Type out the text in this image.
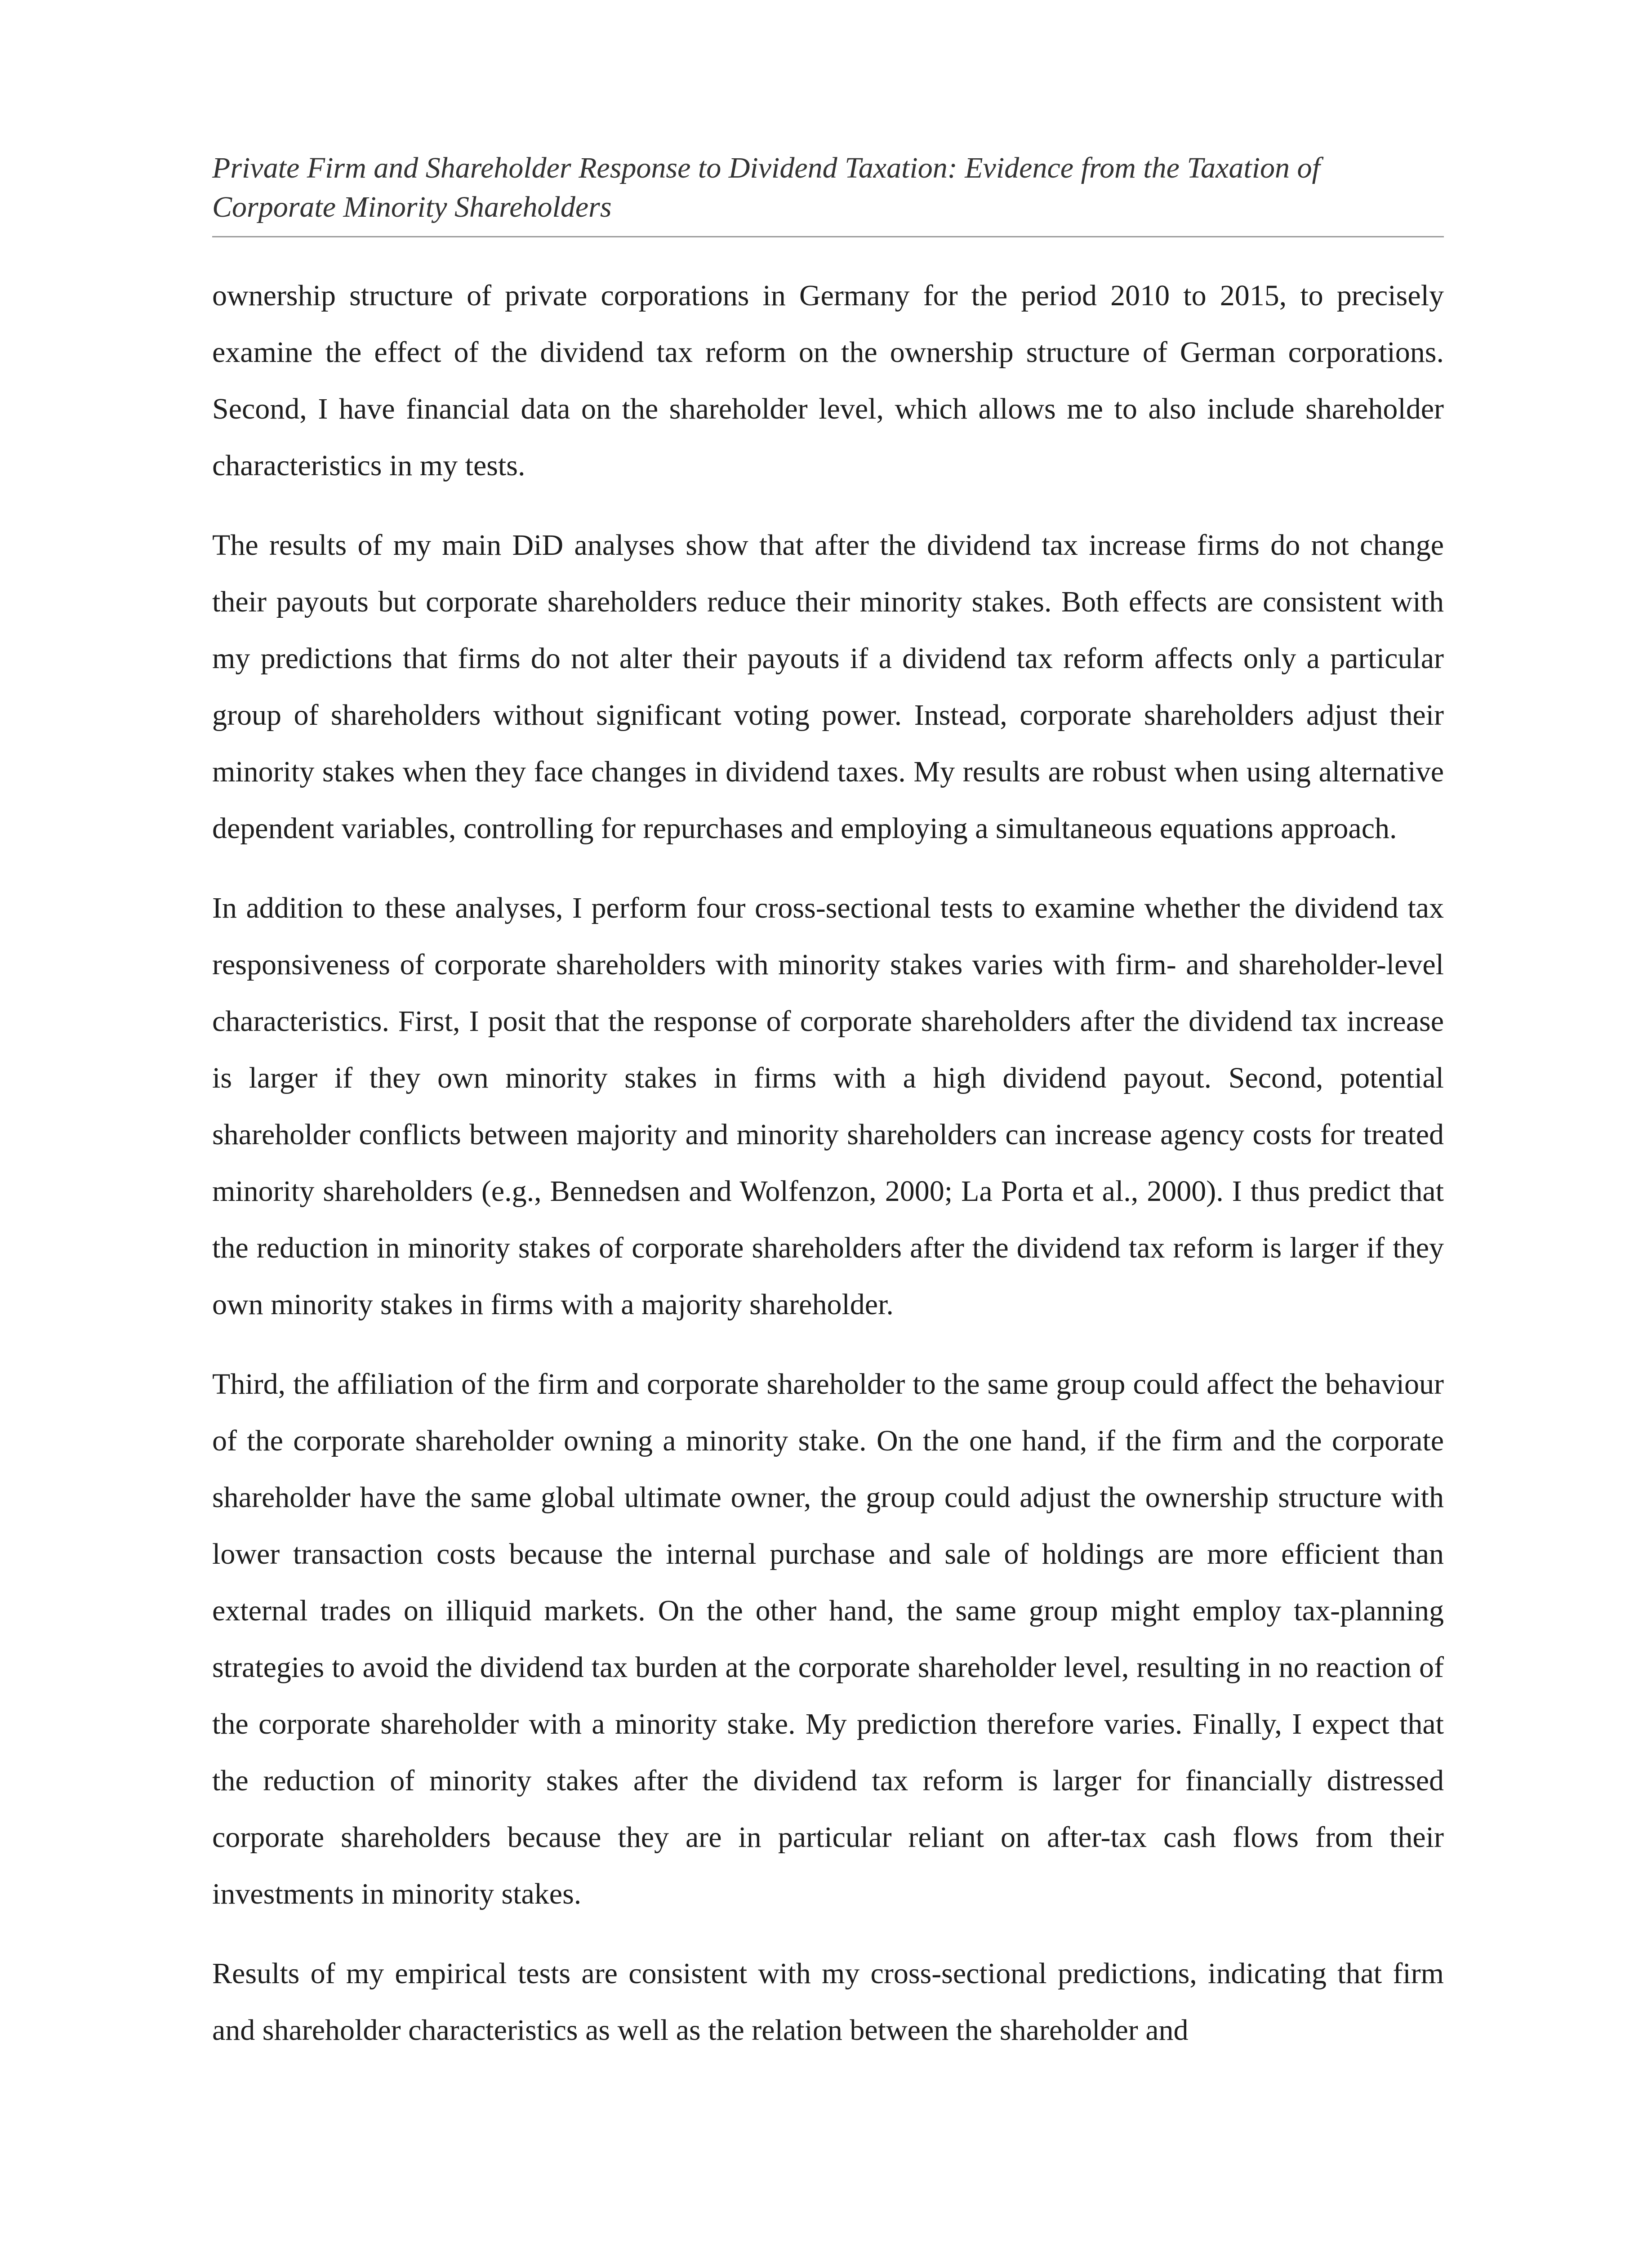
Private Firm and Shareholder Response to Dividend Taxation: Evidence from the Taxation of Corporate Minority Shareholders

ownership structure of private corporations in Germany for the period 2010 to 2015, to precisely examine the effect of the dividend tax reform on the ownership structure of German corporations. Second, I have financial data on the shareholder level, which allows me to also include shareholder characteristics in my tests.

The results of my main DiD analyses show that after the dividend tax increase firms do not change their payouts but corporate shareholders reduce their minority stakes. Both effects are consistent with my predictions that firms do not alter their payouts if a dividend tax reform affects only a particular group of shareholders without significant voting power. Instead, corporate shareholders adjust their minority stakes when they face changes in dividend taxes. My results are robust when using alternative dependent variables, controlling for repurchases and employing a simultaneous equations approach.

In addition to these analyses, I perform four cross-sectional tests to examine whether the dividend tax responsiveness of corporate shareholders with minority stakes varies with firm- and shareholder-level characteristics. First, I posit that the response of corporate shareholders after the dividend tax increase is larger if they own minority stakes in firms with a high dividend payout. Second, potential shareholder conflicts between majority and minority shareholders can increase agency costs for treated minority shareholders (e.g., Bennedsen and Wolfenzon, 2000; La Porta et al., 2000). I thus predict that the reduction in minority stakes of corporate shareholders after the dividend tax reform is larger if they own minority stakes in firms with a majority shareholder.

Third, the affiliation of the firm and corporate shareholder to the same group could affect the behaviour of the corporate shareholder owning a minority stake. On the one hand, if the firm and the corporate shareholder have the same global ultimate owner, the group could adjust the ownership structure with lower transaction costs because the internal purchase and sale of holdings are more efficient than external trades on illiquid markets. On the other hand, the same group might employ tax-planning strategies to avoid the dividend tax burden at the corporate shareholder level, resulting in no reaction of the corporate shareholder with a minority stake. My prediction therefore varies. Finally, I expect that the reduction of minority stakes after the dividend tax reform is larger for financially distressed corporate shareholders because they are in particular reliant on after-tax cash flows from their investments in minority stakes.

Results of my empirical tests are consistent with my cross-sectional predictions, indicating that firm and shareholder characteristics as well as the relation between the shareholder and
